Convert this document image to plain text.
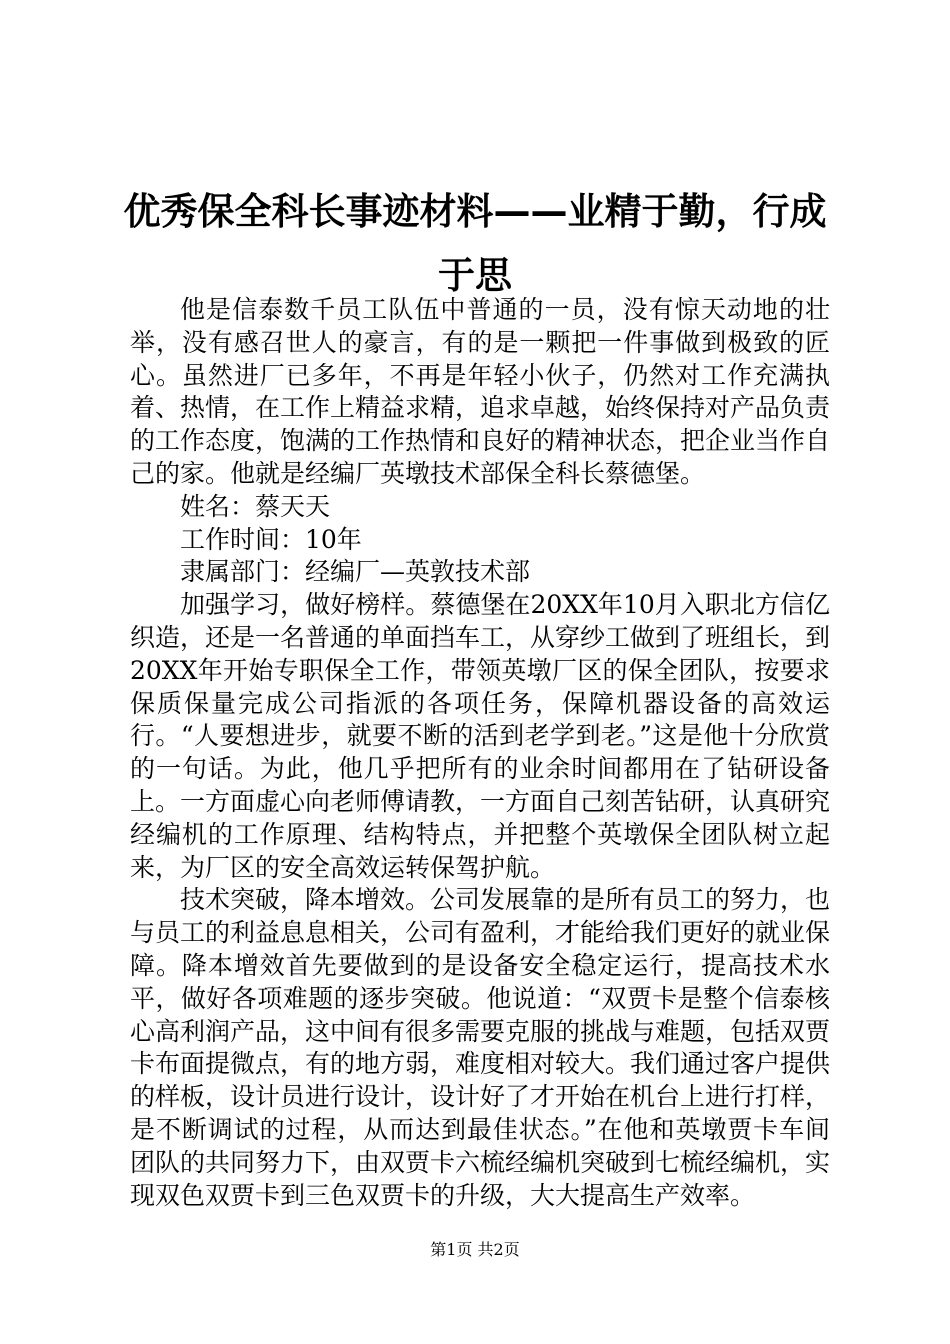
优秀保全科长事迹材料——业精于勤，行成于思

他是信泰数千员工队伍中普通的一员，没有惊天动地的壮举，没有感召世人的豪言，有的是一颗把一件事做到极致的匠心。虽然进厂已多年，不再是年轻小伙子，仍然对工作充满执着、热情，在工作上精益求精，追求卓越，始终保持对产品负责的工作态度，饱满的工作热情和良好的精神状态，把企业当作自己的家。他就是经编厂英墩技术部保全科长蔡德堡。

姓名：蔡天天

工作时间：10年

隶属部门：经编厂—英敦技术部

加强学习，做好榜样。蔡德堡在20XX年10月入职北方信亿织造，还是一名普通的单面挡车工，从穿纱工做到了班组长，到20XX年开始专职保全工作，带领英墩厂区的保全团队，按要求保质保量完成公司指派的各项任务，保障机器设备的高效运行。“人要想进步，就要不断的活到老学到老。”这是他十分欣赏的一句话。为此，他几乎把所有的业余时间都用在了钻研设备上。一方面虚心向老师傅请教，一方面自己刻苦钻研，认真研究经编机的工作原理、结构特点，并把整个英墩保全团队树立起来，为厂区的安全高效运转保驾护航。

技术突破，降本增效。公司发展靠的是所有员工的努力，也与员工的利益息息相关，公司有盈利，才能给我们更好的就业保障。降本增效首先要做到的是设备安全稳定运行，提高技术水平，做好各项难题的逐步突破。他说道：“双贾卡是整个信泰核心高利润产品，这中间有很多需要克服的挑战与难题，包括双贾卡布面提微点，有的地方弱，难度相对较大。我们通过客户提供的样板，设计员进行设计，设计好了才开始在机台上进行打样，是不断调试的过程，从而达到最佳状态。”在他和英墩贾卡车间团队的共同努力下，由双贾卡六梳经编机突破到七梳经编机，实现双色双贾卡到三色双贾卡的升级，大大提高生产效率。

第1页 共2页
